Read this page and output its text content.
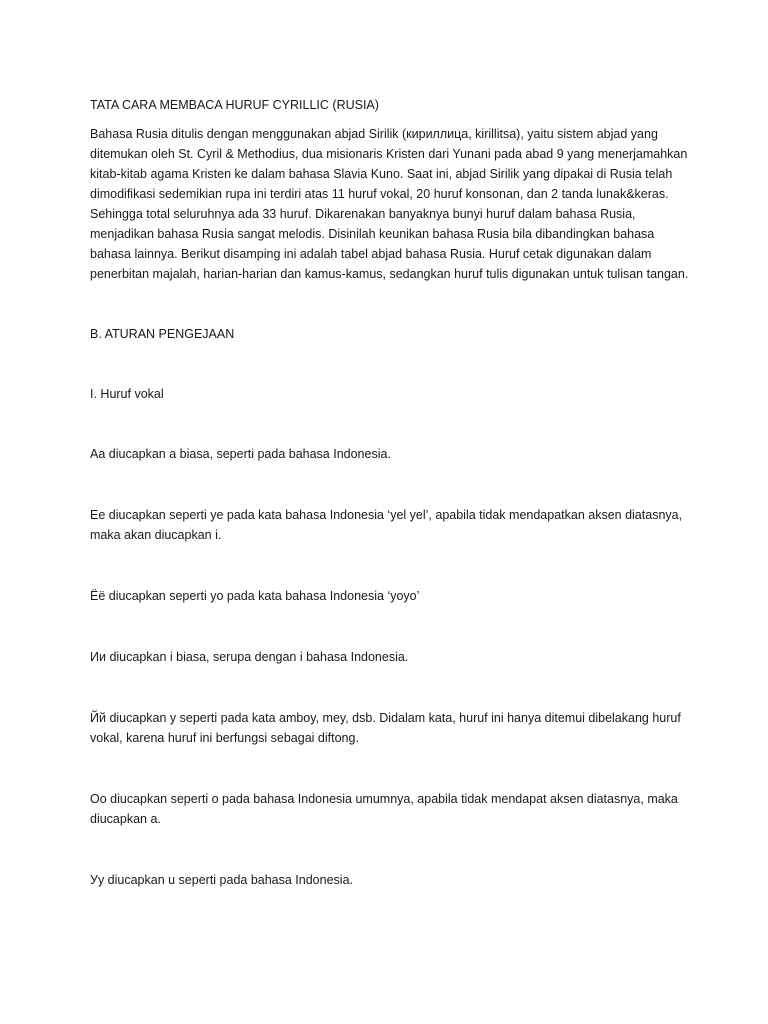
TATA CARA MEMBACA HURUF CYRILLIC (RUSIA)

Bahasa Rusia ditulis dengan menggunakan abjad Sirilik (кириллица, kirillitsa), yaitu sistem abjad yang ditemukan oleh St. Cyril & Methodius, dua misionaris Kristen dari Yunani pada abad 9 yang menerjamahkan kitab-kitab agama Kristen ke dalam bahasa Slavia Kuno. Saat ini, abjad Sirilik yang dipakai di Rusia telah dimodifikasi sedemikian rupa ini terdiri atas 11 huruf vokal, 20 huruf konsonan, dan 2 tanda lunak&keras. Sehingga total seluruhnya ada 33 huruf. Dikarenakan banyaknya bunyi huruf dalam bahasa Rusia, menjadikan bahasa Rusia sangat melodis. Disinilah keunikan bahasa Rusia bila dibandingkan bahasa bahasa lainnya. Berikut disamping ini adalah tabel abjad bahasa Rusia. Huruf cetak digunakan dalam penerbitan majalah, harian-harian dan kamus-kamus, sedangkan huruf tulis digunakan untuk tulisan tangan.

B. ATURAN PENGEJAAN

I. Huruf vokal

Aa diucapkan a biasa, seperti pada bahasa Indonesia.

Ee diucapkan seperti ye pada kata bahasa Indonesia ‘yel yel’, apabila tidak mendapatkan aksen diatasnya, maka akan diucapkan i.

Ёё diucapkan seperti yo pada kata bahasa Indonesia ‘yoyo’

Ии diucapkan i biasa, serupa dengan i bahasa Indonesia.

Йй diucapkan y seperti pada kata amboy, mey, dsb. Didalam kata, huruf ini hanya ditemui dibelakang huruf vokal, karena huruf ini berfungsi sebagai diftong.

Oo diucapkan seperti o pada bahasa Indonesia umumnya, apabila tidak mendapat aksen diatasnya, maka diucapkan a.

Уу diucapkan u seperti pada bahasa Indonesia.
